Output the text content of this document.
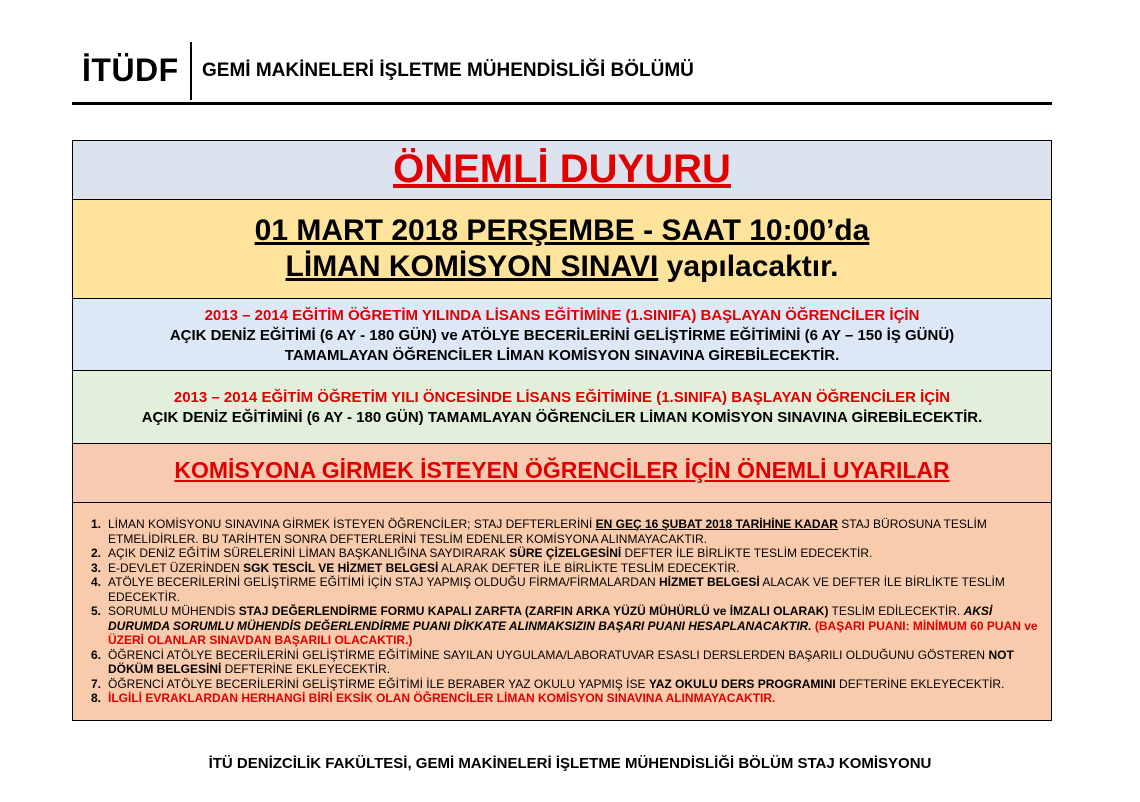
İTÜDF GEMİ MAKİNELERİ İŞLETME MÜHENDİSLİĞİ BÖLÜMÜ
ÖNEMLİ DUYURU
01 MART 2018 PERŞEMBE - SAAT 10:00’da
LİMAN KOMİSYON SINAVI yapılacaktır.
2013 – 2014 EĞİTİM ÖĞRETİM YILINDA LİSANS EĞİTİMİNE (1.SINIFA) BAŞLAYAN ÖĞRENCİLER İÇİN
AÇIK DENİZ EĞİTİMİ (6 AY - 180 GÜN) ve ATÖLYE BECERİLERİNİ GELİŞTİRME EĞİTİMİNİ (6 AY – 150 İŞ GÜNÜ)
TAMAMLAYAN ÖĞRENCİLER LİMAN KOMİSYON SINAVINA GİREBİLECEKTİR.
2013 – 2014 EĞİTİM ÖĞRETİM YILI ÖNCESİNDE LİSANS EĞİTİMİNE (1.SINIFA) BAŞLAYAN ÖĞRENCİLER İÇİN
AÇIK DENİZ EĞİTİMİNİ (6 AY - 180 GÜN) TAMAMLAYAN ÖĞRENCİLER LİMAN KOMİSYON SINAVINA GİREBİLECEKTİR.
KOMİSYONA GİRMEK İSTEYEN ÖĞRENCİLER İÇİN ÖNEMLİ UYARILAR
1. LİMAN KOMİSYONU SINAVINA GİRMEK İSTEYEN ÖĞRENCİLER; STAJ DEFTERLERİNİ EN GEÇ 16 ŞUBAT 2018 TARİHİNE KADAR STAJ BÜROSUNA TESLİM ETMELİDİRLER. BU TARİHTEN SONRA DEFTERLERİNİ TESLİM EDENLER KOMİSYONA ALINMAYACAKTIR.
2. AÇIK DENİZ EĞİTİM SÜRELERİNİ LİMAN BAŞKANLIĞINA SAYDIRARAK SÜRE ÇİZELGESİNİ DEFTER İLE BİRLİKTE TESLİM EDECEKTİR.
3. E-DEVLET ÜZERİNDEN SGK TESCİL VE HİZMET BELGESİ ALARAK DEFTER İLE BİRLİKTE TESLİM EDECEKTİR.
4. ATÖLYE BECERİLERİNİ GELİŞTİRME EĞİTİMİ İÇİN STAJ YAPMIŞ OLDUĞU FİRMA/FİRMALARDAN HİZMET BELGESİ ALACAK VE DEFTER İLE BİRLİKTE TESLİM EDECEKTİR.
5. SORUMLU MÜHENDİS STAJ DEĞERLENDİRME FORMU KAPALI ZARFTA (ZARFIN ARKA YÜZÜ MÜHÜRLÜ ve İMZALI OLARAK) TESLİM EDİLECEKTİR. AKSİ DURUMDA SORUMLU MÜHENDİS DEĞERLENDİRME PUANI DİKKATE ALINMAKSIZIN BAŞARI PUANI HESAPLANACAKTIR. (BAŞARI PUANI: MİNİMUM 60 PUAN ve ÜZERİ OLANLAR SINAVDAN BAŞARILI OLACAKTIR.)
6. ÖĞRENCİ ATÖLYE BECERİLERİNİ GELİŞTİRME EĞİTİMİNE SAYILAN UYGULAMA/LABORATUVAR ESASLI DERSLERDEN BAŞARILI OLDUĞUNU GÖSTEREN NOT DÖKÜM BELGESİNİ DEFTERİNE EKLEYECEKTİR.
7. ÖĞRENCİ ATÖLYE BECERİLERİNİ GELİŞTİRME EĞİTİMİ İLE BERABER YAZ OKULU YAPMIŞ İSE YAZ OKULU DERS PROGRAMINI DEFTERİNE EKLEYECEKTİR.
8. İLGİLİ EVRAKLARDAN HERHANGİ BİRİ EKSİK OLAN ÖĞRENCİLER LİMAN KOMİSYON SINAVINA ALINMAYACAKTIR.
İTÜ DENİZCİLİK FAKÜLTESİ, GEMİ MAKİNELERİ İŞLETME MÜHENDİSLİĞİ BÖLÜM STAJ KOMİSYONU
